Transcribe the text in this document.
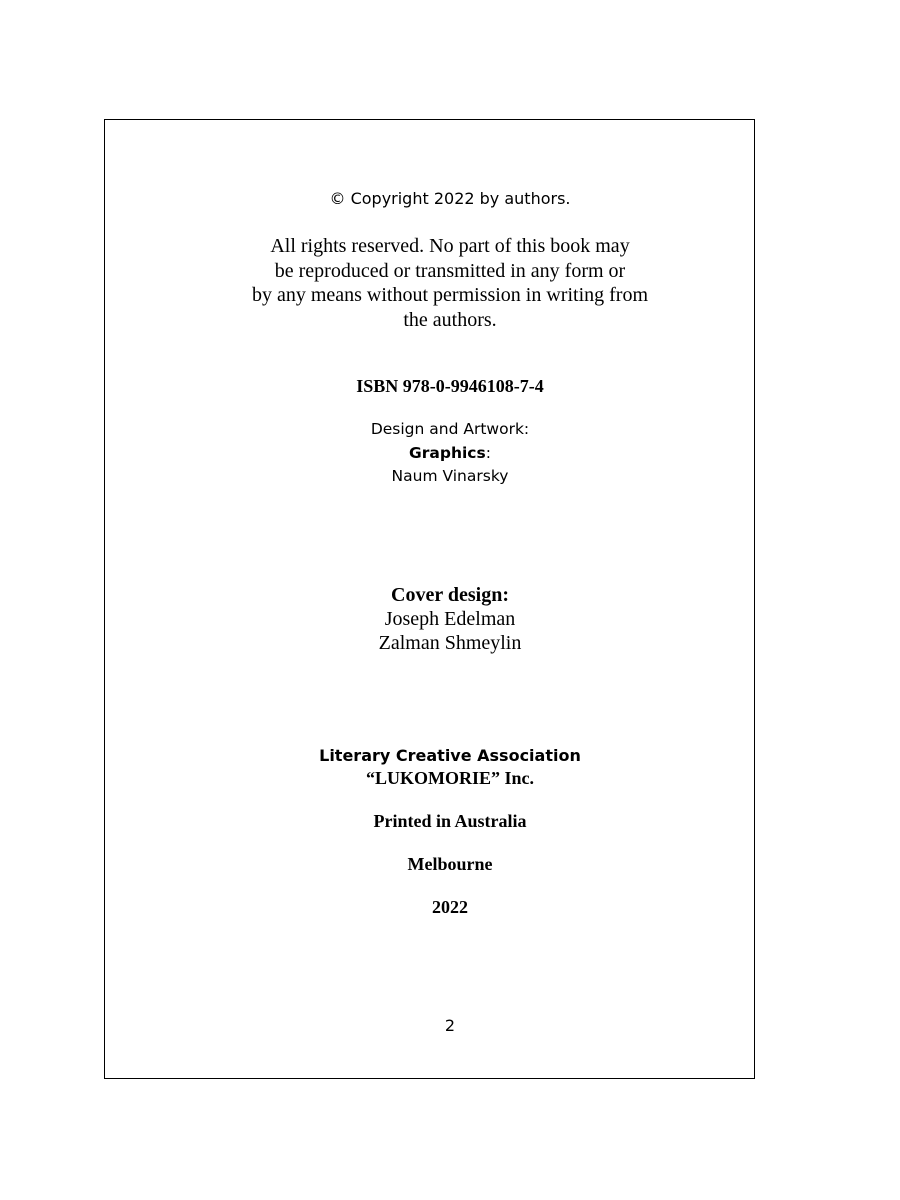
© Copyright 2022 by authors.

All rights reserved. No part of this book may
be reproduced or transmitted in any form or
by any means without permission in writing from
the authors.

ISBN 978-0-9946108-7-4

Design and Artwork:

Graphics:

Naum Vinarsky

Cover design:

Joseph Edelman

Zalman Shmeylin

Literary Creative Association

“LUKOMORIE” Inc.

Printed in Australia

Melbourne

2022

2
